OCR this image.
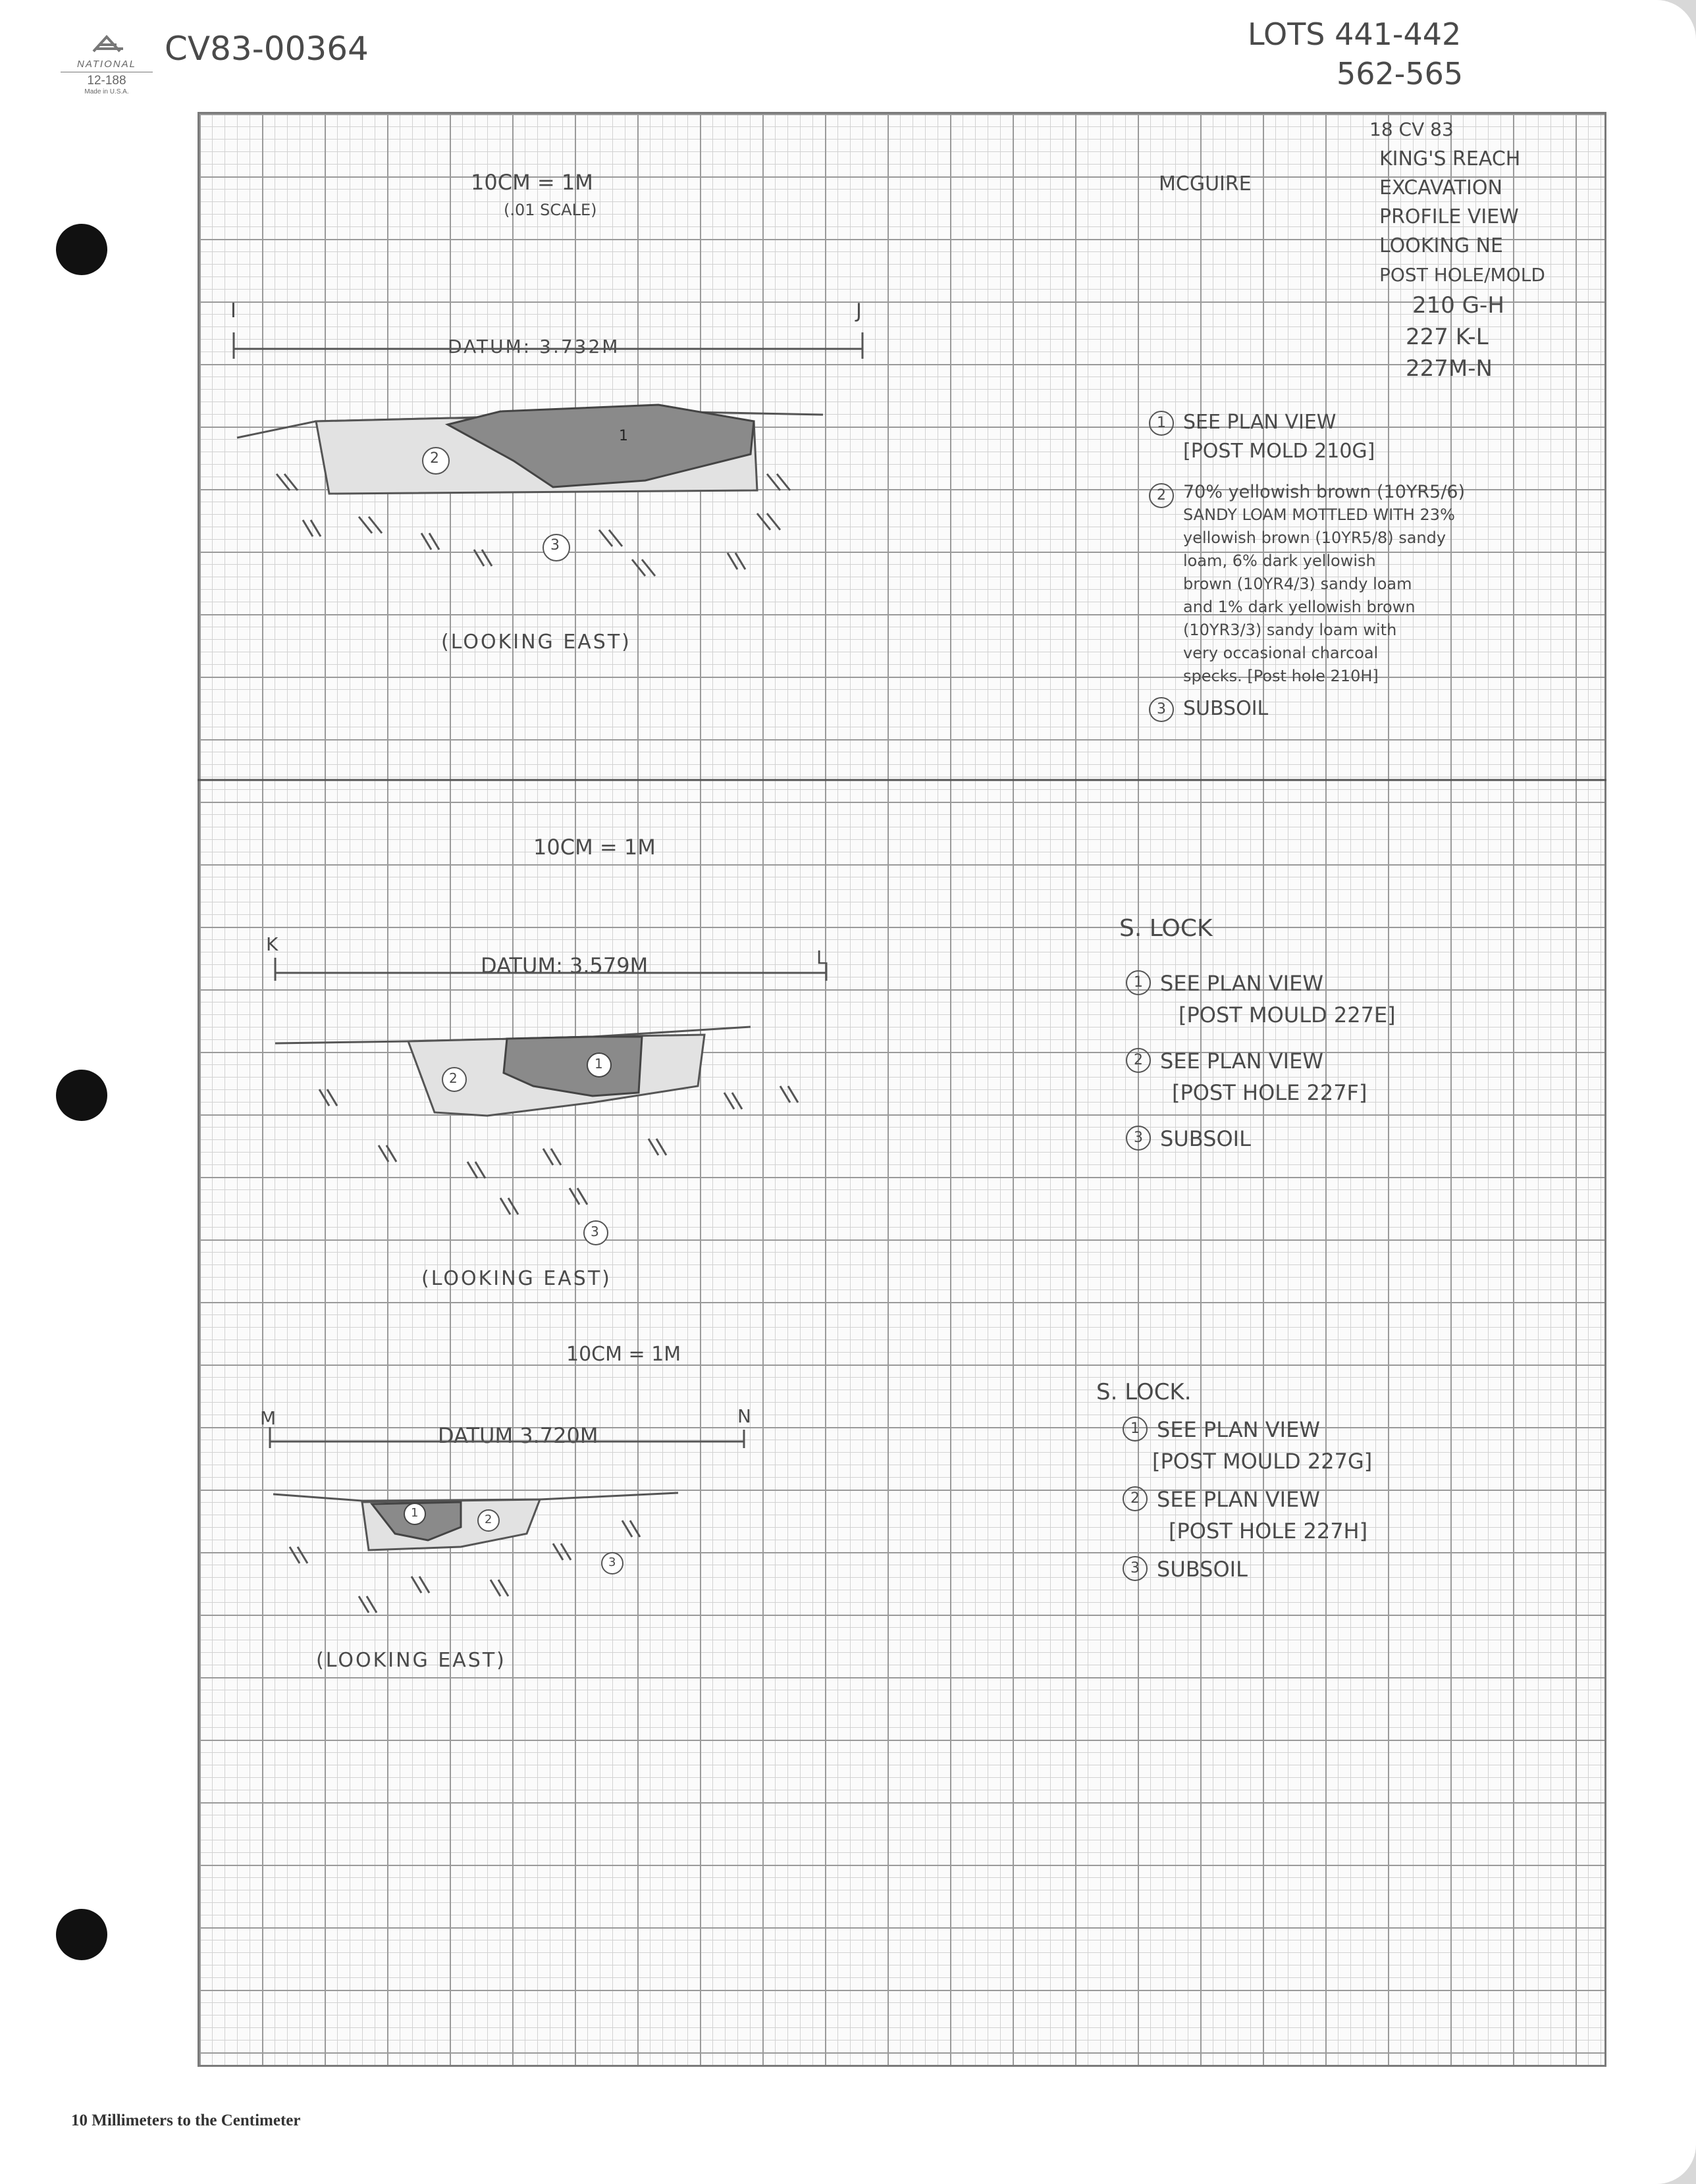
NATIONAL
12-188
Made in U.S.A.
CV83-00364	LOTS 441-442
562-565
18 CV 83
KING'S REACH
EXCAVATION
PROFILE VIEW
LOOKING NE
POST HOLE/MOLD
210 G-H
227 K-L
227M-N
10CM = 1M
(.01 SCALE)
MCGUIRE
I	J
DATUM: 3.732M
(LOOKING EAST)
2
3
1
1 SEE PLAN VIEW
[POST MOLD 210G]
2 70% yellowish brown (10YR5/6)
SANDY LOAM MOTTLED WITH 23%
yellowish brown (10YR5/8) sandy
loam, 6% dark yellowish
brown (10YR4/3) sandy loam
and 1% dark yellowish brown
(10YR3/3) sandy loam with
very occasional charcoal
specks. [Post hole 210H]
3 SUBSOIL
10CM = 1M
K
L
DATUM: 3.579M
(LOOKING EAST)
S. LOCK
2
1
3
1 SEE PLAN VIEW
[POST MOULD 227E]
2 SEE PLAN VIEW
[POST HOLE 227F]
3 SUBSOIL
10CM = 1M
M	N
DATUM 3.720M
(LOOKING EAST)
S. LOCK.
1	2
3
1 SEE PLAN VIEW
[POST MOULD 227G]
2 SEE PLAN VIEW
[POST HOLE 227H]
3 SUBSOIL
10 Millimeters to the Centimeter
